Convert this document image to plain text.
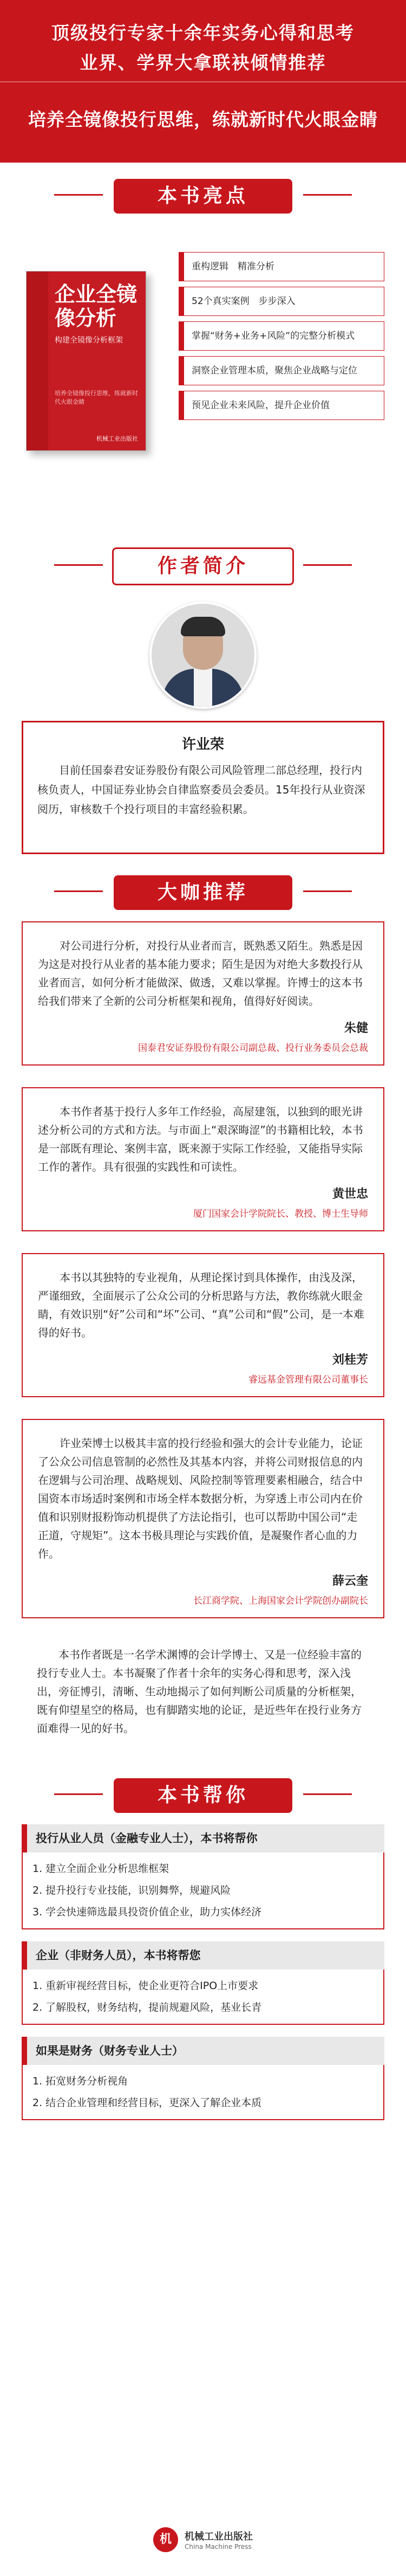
顶级投行专家十余年实务心得和思考
业界、学界大拿联袂倾情推荐
培养全镜像投行思维，练就新时代火眼金睛
本书亮点
企业全镜像分析
构建全镜像分析框架
培养全镜像投行思维，练就新时代火眼金睛
机械工业出版社
重构逻辑　精准分析
52个真实案例　步步深入
掌握“财务+业务+风险”的完整分析模式
洞察企业管理本质，聚焦企业战略与定位
预见企业未来风险，提升企业价值
作者简介
许业荣
目前任国泰君安证券股份有限公司风险管理二部总经理，投行内核负责人，中国证券业协会自律监察委员会委员。15年投行从业资深阅历，审核数千个投行项目的丰富经验积累。
大咖推荐
对公司进行分析，对投行从业者而言，既熟悉又陌生。熟悉是因为这是对投行从业者的基本能力要求；陌生是因为对绝大多数投行从业者而言，如何分析才能做深、做透，又难以掌握。许博士的这本书给我们带来了全新的公司分析框架和视角，值得好好阅读。
朱健
国泰君安证券股份有限公司副总裁、投行业务委员会总裁
本书作者基于投行人多年工作经验，高屋建瓴，以独到的眼光讲述分析公司的方式和方法。与市面上“艰深晦涩”的书籍相比较，本书是一部既有理论、案例丰富，既来源于实际工作经验，又能指导实际工作的著作。具有很强的实践性和可读性。
黄世忠
厦门国家会计学院院长、教授、博士生导师
本书以其独特的专业视角，从理论探讨到具体操作，由浅及深，严谨细致，全面展示了公众公司的分析思路与方法，教你练就火眼金睛，有效识别“好”公司和“坏”公司、“真”公司和“假”公司，是一本难得的好书。
刘桂芳
睿远基金管理有限公司董事长
许业荣博士以极其丰富的投行经验和强大的会计专业能力，论证了公众公司信息管制的必然性及其基本内容，并将公司财报信息的内在逻辑与公司治理、战略规划、风险控制等管理要素相融合，结合中国资本市场适时案例和市场全样本数据分析，为穿透上市公司内在价值和识别财报粉饰动机提供了方法论指引，也可以帮助中国公司“走正道，守规矩”。这本书极具理论与实践价值，是凝聚作者心血的力作。
薛云奎
长江商学院、上海国家会计学院创办副院长
本书作者既是一名学术渊博的会计学博士、又是一位经验丰富的投行专业人士。本书凝聚了作者十余年的实务心得和思考，深入浅出，旁征博引，清晰、生动地揭示了如何判断公司质量的分析框架，既有仰望星空的格局，也有脚踏实地的论证，是近些年在投行业务方面难得一见的好书。
本书帮你
投行从业人员（金融专业人士），本书将帮你
1. 建立全面企业分析思维框架
2. 提升投行专业技能，识别舞弊，规避风险
3. 学会快速筛选最具投资价值企业，助力实体经济
企业（非财务人员），本书将帮您
1. 重新审视经营目标，使企业更符合IPO上市要求
2. 了解股权，财务结构，提前规避风险，基业长青
如果是财务（财务专业人士）
1. 拓宽财务分析视角
2. 结合企业管理和经营目标，更深入了解企业本质
机	机械工业出版社
China Machine Press
